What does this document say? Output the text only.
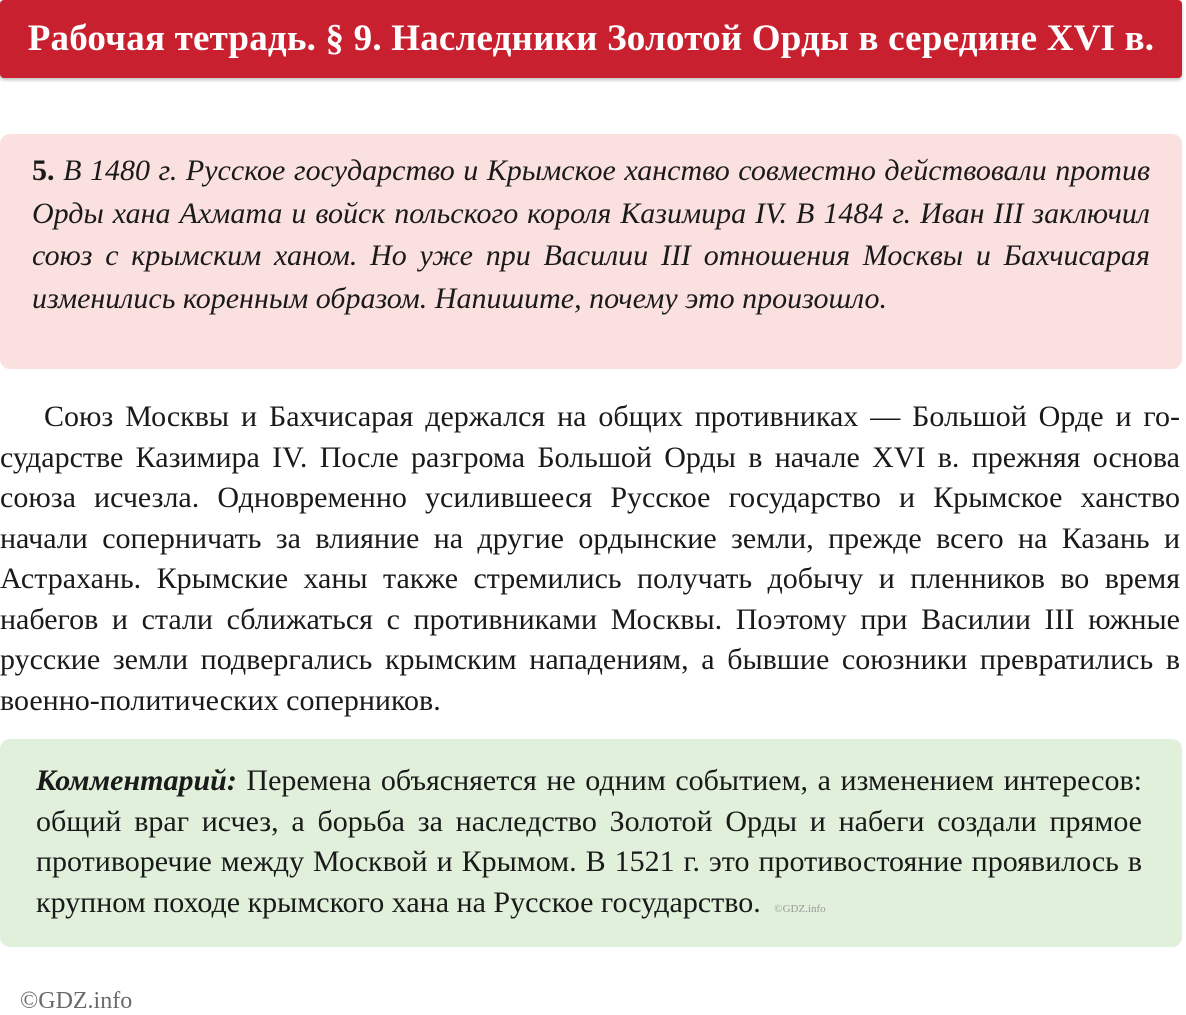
Рабочая тетрадь. § 9. Наследники Золотой Орды в середине XVI в.
5. В 1480 г. Русское государство и Крымское ханство совместно действовали против Орды хана Ахмата и войск польского короля Казимира IV. В 1484 г. Иван III заключил союз с крымским ханом. Но уже при Василии III отношения Москвы и Бахчисарая изменились коренным образом. Напишите, почему это произошло.

Союз Москвы и Бахчисарая держался на общих противниках — Большой Орде и государстве Казимира IV. После разгрома Большой Орды в начале XVI в. прежняя основа союза исчезла. Одновременно усилившееся Русское государство и Крымское ханство начали соперничать за влияние на другие ордынские земли, прежде всего на Казань и Астрахань. Крымские ханы также стремились получать добычу и пленников во время набегов и стали сближаться с противниками Москвы. Поэтому при Василии III южные русские земли подвергались крымским нападениям, а бывшие союзники превратились в военно-политических соперников.

Комментарий: Перемена объясняется не одним событием, а изменением интересов: общий враг исчез, а борьба за наследство Золотой Орды и набеги создали прямое противоречие между Москвой и Крымом. В 1521 г. это противостояние проявилось в крупном походе крымского хана на Русское государство. ©GDZ.info
©GDZ.info
